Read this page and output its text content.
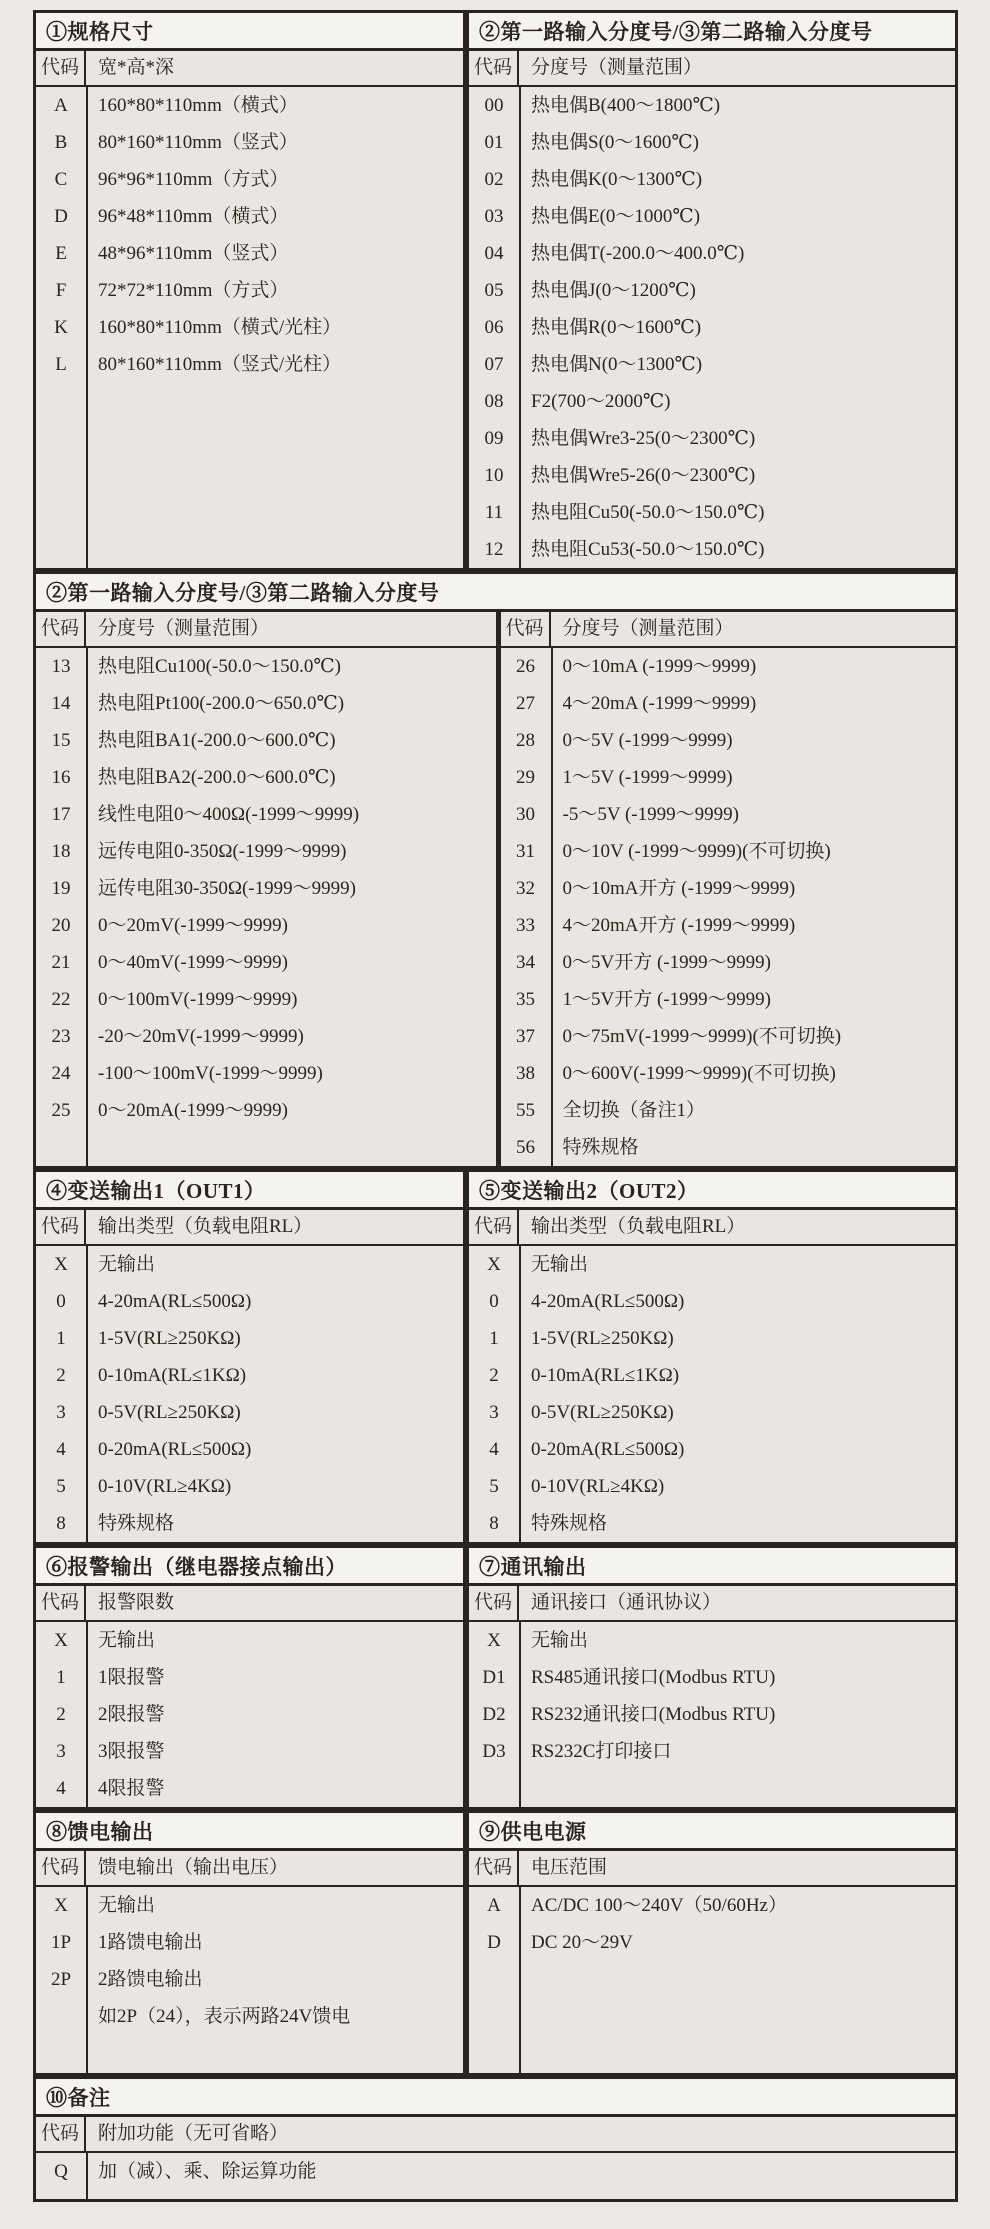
①规格尺寸
代码	宽*高*深
A	160*80*110mm（横式）
B	80*160*110mm（竖式）
C	96*96*110mm（方式）
D	96*48*110mm（横式）
E	48*96*110mm（竖式）
F	72*72*110mm（方式）
K	160*80*110mm（横式/光柱）
L	80*160*110mm（竖式/光柱）
②第一路输入分度号/③第二路输入分度号
代码	分度号（测量范围）
00	热电偶B(400～1800℃)
01	热电偶S(0～1600℃)
02	热电偶K(0～1300℃)
03	热电偶E(0～1000℃)
04	热电偶T(-200.0～400.0℃)
05	热电偶J(0～1200℃)
06	热电偶R(0～1600℃)
07	热电偶N(0～1300℃)
08	F2(700～2000℃)
09	热电偶Wre3-25(0～2300℃)
10	热电偶Wre5-26(0～2300℃)
11	热电阻Cu50(-50.0～150.0℃)
12	热电阻Cu53(-50.0～150.0℃)
②第一路输入分度号/③第二路输入分度号
代码	分度号（测量范围）
13	热电阻Cu100(-50.0～150.0℃)
14	热电阻Pt100(-200.0～650.0℃)
15	热电阻BA1(-200.0～600.0℃)
16	热电阻BA2(-200.0～600.0℃)
17	线性电阻0～400Ω(-1999～9999)
18	远传电阻0-350Ω(-1999～9999)
19	远传电阻30-350Ω(-1999～9999)
20	0～20mV(-1999～9999)
21	0～40mV(-1999～9999)
22	0～100mV(-1999～9999)
23	-20～20mV(-1999～9999)
24	-100～100mV(-1999～9999)
25	0～20mA(-1999～9999)
代码	分度号（测量范围）
26	0～10mA (-1999～9999)
27	4～20mA (-1999～9999)
28	0～5V (-1999～9999)
29	1～5V (-1999～9999)
30	-5～5V (-1999～9999)
31	0～10V (-1999～9999)(不可切换)
32	0～10mA开方 (-1999～9999)
33	4～20mA开方 (-1999～9999)
34	0～5V开方 (-1999～9999)
35	1～5V开方 (-1999～9999)
37	0～75mV(-1999～9999)(不可切换)
38	0～600V(-1999～9999)(不可切换)
55	全切换（备注1）
56	特殊规格
④变送输出1（OUT1）
代码	输出类型（负载电阻RL）
X	无输出
0	4-20mA(RL≤500Ω)
1	1-5V(RL≥250KΩ)
2	0-10mA(RL≤1KΩ)
3	0-5V(RL≥250KΩ)
4	0-20mA(RL≤500Ω)
5	0-10V(RL≥4KΩ)
8	特殊规格
⑤变送输出2（OUT2）
代码	输出类型（负载电阻RL）
X	无输出
0	4-20mA(RL≤500Ω)
1	1-5V(RL≥250KΩ)
2	0-10mA(RL≤1KΩ)
3	0-5V(RL≥250KΩ)
4	0-20mA(RL≤500Ω)
5	0-10V(RL≥4KΩ)
8	特殊规格
⑥报警输出（继电器接点输出）
代码	报警限数
X	无输出
1	1限报警
2	2限报警
3	3限报警
4	4限报警
⑦通讯输出
代码	通讯接口（通讯协议）
X	无输出
D1	RS485通讯接口(Modbus RTU)
D2	RS232通讯接口(Modbus RTU)
D3	RS232C打印接口
⑧馈电输出
代码	馈电输出（输出电压）
X	无输出
1P	1路馈电输出
2P	2路馈电输出
如2P（24），表示两路24V馈电
⑨供电电源
代码	电压范围
A	AC/DC 100～240V（50/60Hz）
D	DC 20～29V
⑩备注
代码	附加功能（无可省略）
Q	加（减）、乘、除运算功能
